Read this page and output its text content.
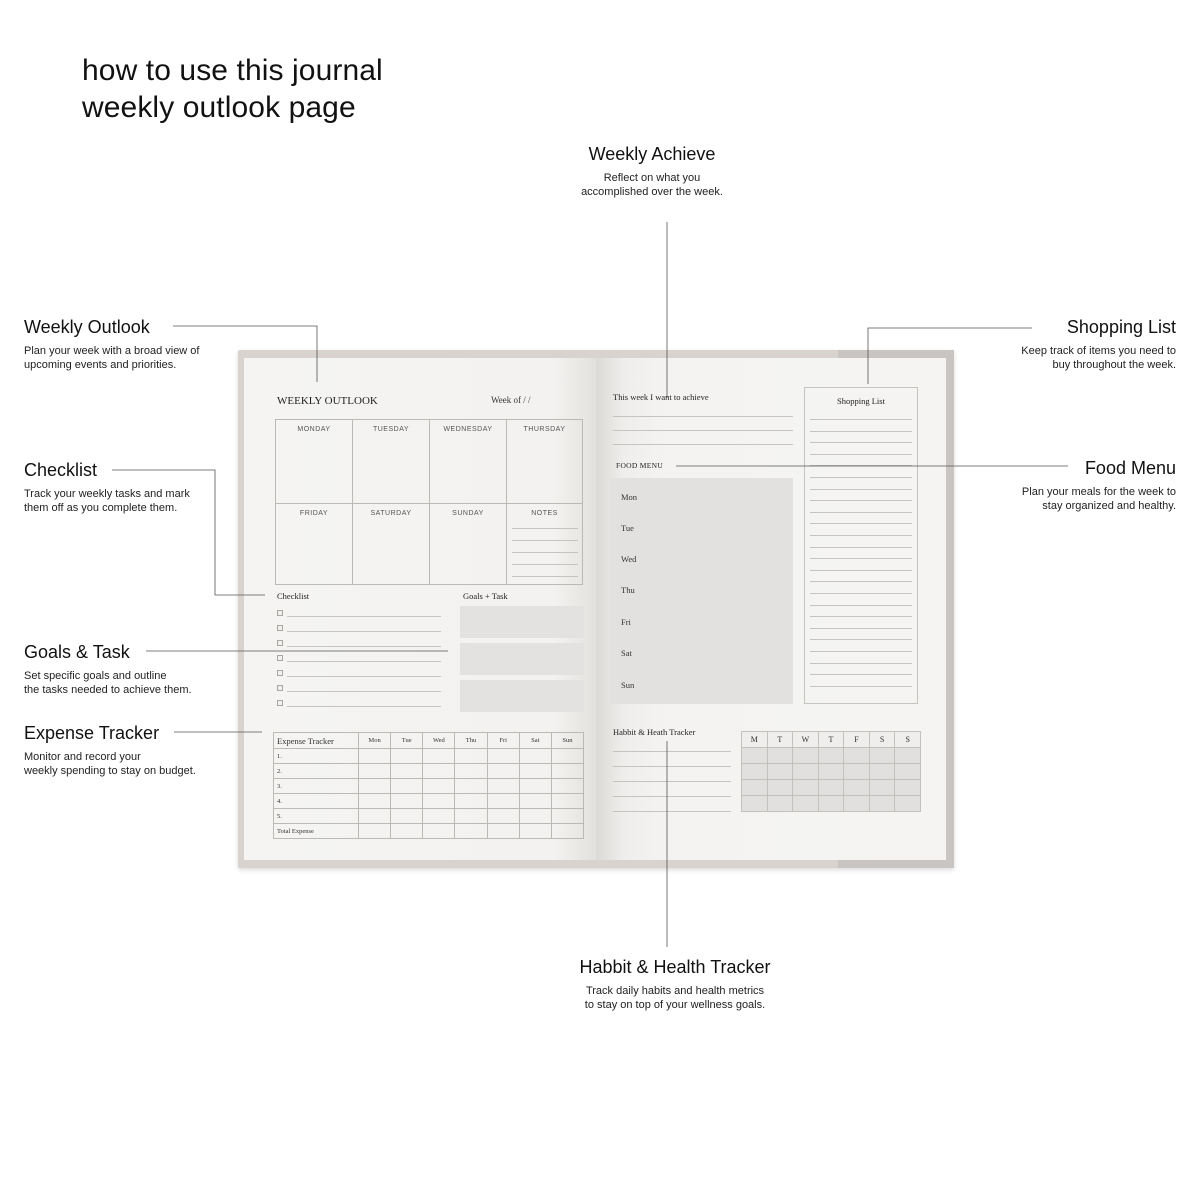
how to use this journal
weekly outlook page
Weekly Achieve

Reflect on what you
accomplished over the week.

Weekly Outlook

Plan your week with a broad view of
upcoming events and priorities.

Checklist

Track your weekly tasks and mark
them off as you complete them.

Goals & Task

Set specific goals and outline
the tasks needed to achieve them.

Expense Tracker

Monitor and record your
weekly spending to stay on budget.

Shopping List

Keep track of items you need to
buy throughout the week.

Food Menu

Plan your meals for the week to
stay organized and healthy.

Habbit & Health Tracker

Track daily habits and health metrics
to stay on top of your wellness goals.

WEEKLY OUTLOOK	Week of / /
MONDAY	TUESDAY	WEDNESDAY	THURSDAY
FRIDAY	SATURDAY	SUNDAY	NOTES
Checklist	Goals + Task
Expense Tracker	Mon	Tue	Wed	Thu	Fri	Sat	Sun
1.							
2.							
3.							
4.							
5.							
Total Expense							
This week I want to achieve
FOOD MENU
Mon
Tue
Wed
Thu
Fri
Sat
Sun
Shopping List
Habbit & Heath Tracker
M	T	W	T	F	S	S
